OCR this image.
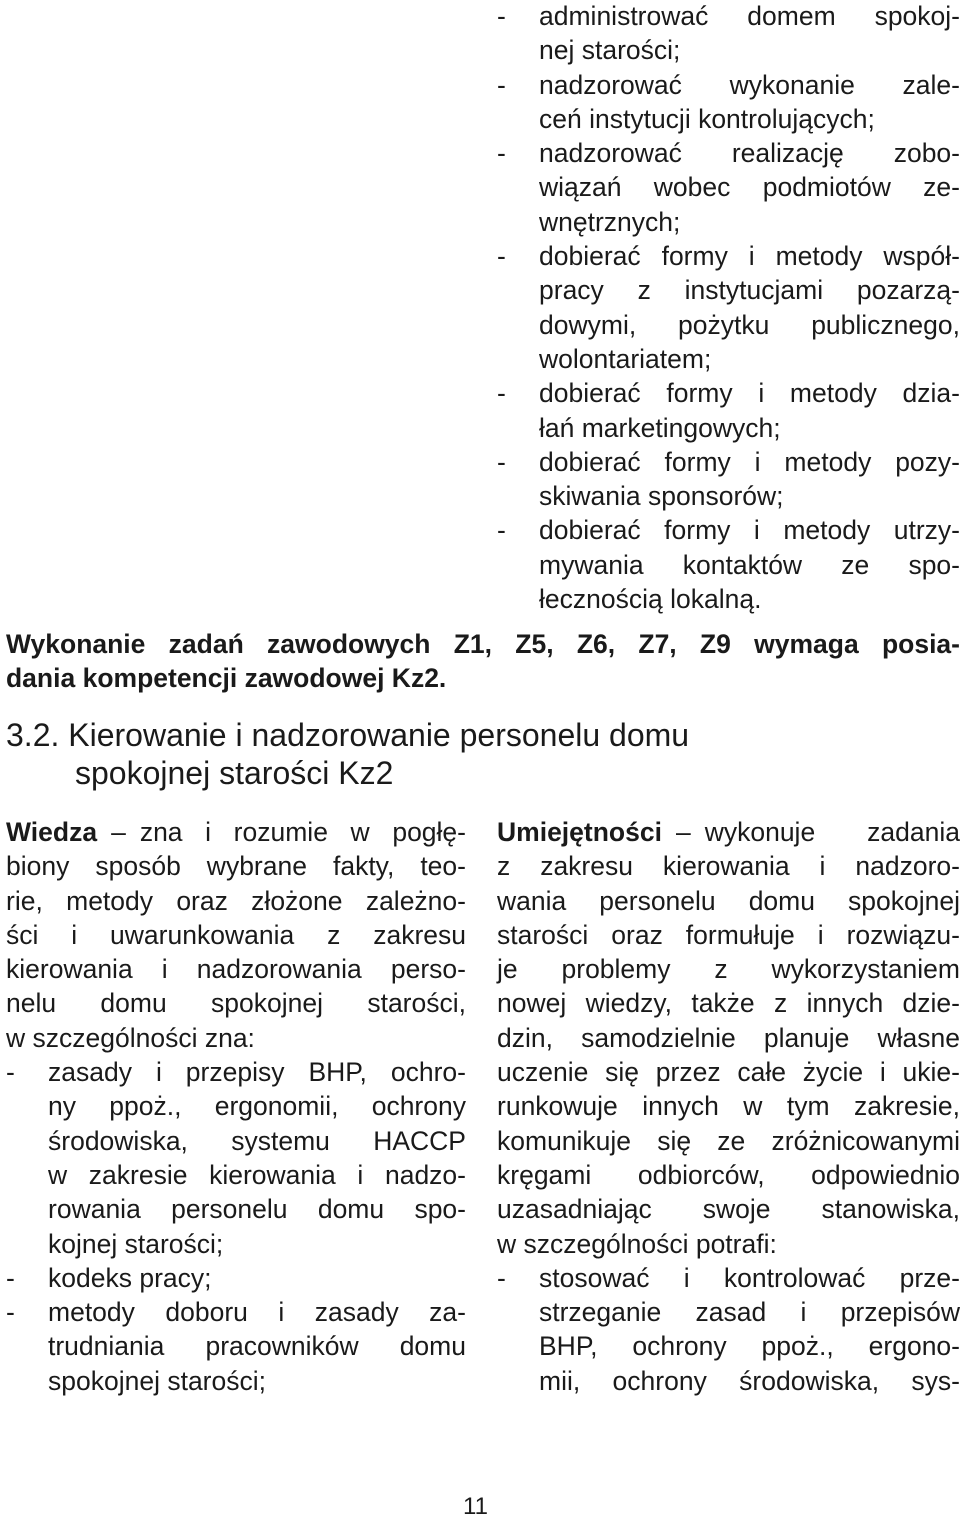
- administrować domem spokoj-
nej starości;
- nadzorować wykonanie zale-
ceń instytucji kontrolujących;
- nadzorować realizację zobo-
wiązań wobec podmiotów ze-
wnętrznych;
- dobierać formy i metody współ-
pracy z instytucjami pozarzą-
dowymi, pożytku publicznego,
wolontariatem;
- dobierać formy i metody dzia-
łań marketingowych;
- dobierać formy i metody pozy-
skiwania sponsorów;
- dobierać formy i metody utrzy-
mywania kontaktów ze spo-
łecznością lokalną.
Wykonanie zadań zawodowych Z1, Z5, Z6, Z7, Z9 wymaga posia-
dania kompetencji zawodowej Kz2.
3.2. Kierowanie i nadzorowanie personelu domu
spokojnej starości Kz2
Wiedza – zna i rozumie w pogłę-
biony sposób wybrane fakty, teo-
rie, metody oraz złożone zależno-
ści i uwarunkowania z zakresu
kierowania i nadzorowania perso-
nelu domu spokojnej starości,
w szczególności zna:
- zasady i przepisy BHP, ochro-
ny ppoż., ergonomii, ochrony
środowiska, systemu HACCP
w zakresie kierowania i nadzo-
rowania personelu domu spo-
kojnej starości;
- kodeks pracy;
- metody doboru i zasady za-
trudniania pracowników domu
spokojnej starości;
Umiejętności – wykonuje zadania
z zakresu kierowania i nadzoro-
wania personelu domu spokojnej
starości oraz formułuje i rozwiązu-
je problemy z wykorzystaniem
nowej wiedzy, także z innych dzie-
dzin, samodzielnie planuje własne
uczenie się przez całe życie i ukie-
runkowuje innych w tym zakresie,
komunikuje się ze zróżnicowanymi
kręgami odbiorców, odpowiednio
uzasadniając swoje stanowiska,
w szczególności potrafi:
- stosować i kontrolować prze-
strzeganie zasad i przepisów
BHP, ochrony ppoż., ergono-
mii, ochrony środowiska, sys-
11
